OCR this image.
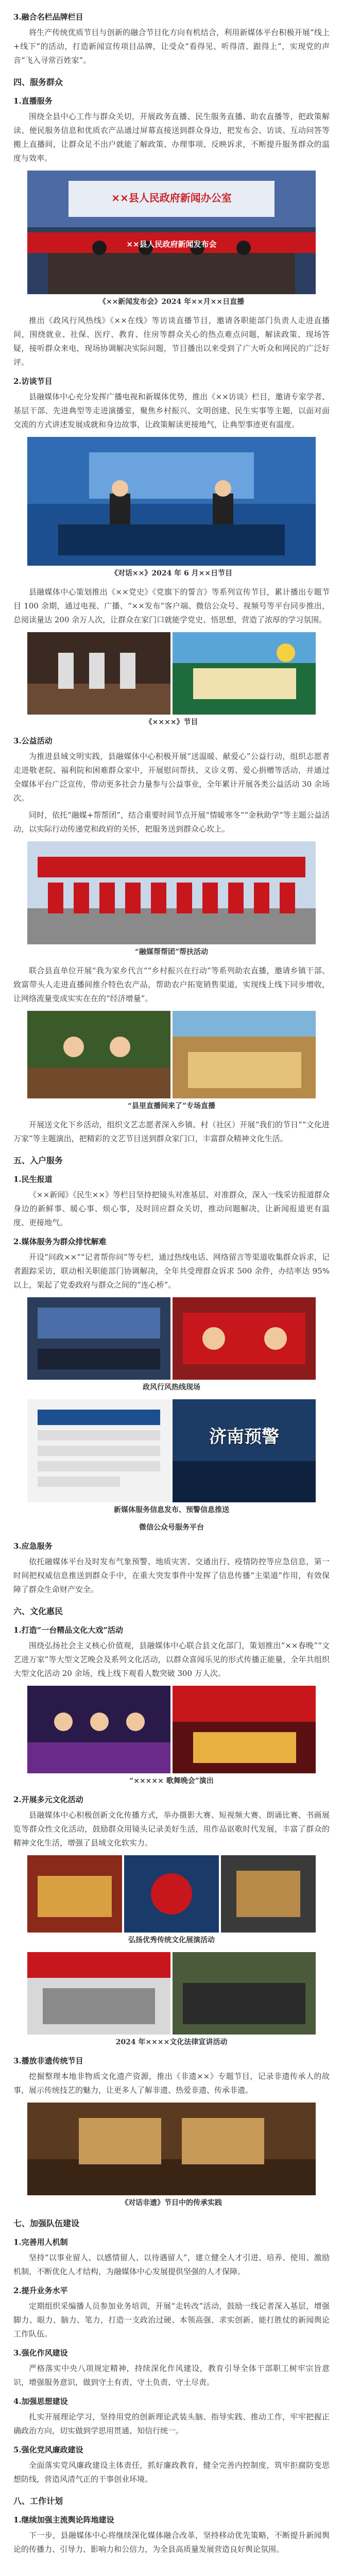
3.融合名栏品牌栏目

将生产传统优质节目与创新的融合节目化方向有机结合，利用新媒体平台积极开展“线上+线下”的活动，打造新闻宣传项目品牌，让受众“看得见、听得清、跟得上”，实现党的声音“飞入寻常百姓家”。

四、服务群众
1.直播服务

围绕全县中心工作与群众关切，开展政务直播、民生服务直播、助农直播等，把政策解读、便民服务信息和优质农产品通过屏幕直接送到群众身边，把发布会、访谈、互动问答等搬上直播间，让群众足不出户就能了解政策、办理事项、反映诉求，不断提升服务群众的温度与效率。

××县人民政府新闻办公室
××县人民政府新闻发布会
《××新闻发布会》2024 年××月××日直播

推出《政风行风热线》《××在线》等访谈直播节目，邀请各职能部门负责人走进直播间，围绕就业、社保、医疗、教育、住房等群众关心的热点难点问题，解读政策、现场答疑，接听群众来电，现场协调解决实际问题，节目播出以来受到了广大听众和网民的广泛好评。

2.访谈节目

县融媒体中心充分发挥广播电视和新媒体优势，推出《××访谈》栏目，邀请专家学者、基层干部、先进典型等走进演播室，聚焦乡村振兴、文明创建、民生实事等主题，以面对面交流的方式讲述发展成就和身边故事，让政策解读更接地气，让典型事迹更有温度。

《对话××》2024 年 6 月××日节目

县融媒体中心策划推出《××党史》《党旗下的誓言》等系列宣传节目，累计播出专题节目 100 余期，通过电视、广播、“××发布”客户端、微信公众号、视频号等平台同步推出，总阅读量达 200 余万人次，让群众在家门口就能学党史、悟思想，营造了浓厚的学习氛围。

《××××》节目
3.公益活动

为推进县域文明实践，县融媒体中心积极开展“送温暖、献爱心”公益行动，组织志愿者走进敬老院、福利院和困难群众家中，开展慰问帮扶、义诊义剪、爱心捐赠等活动，并通过全媒体平台广泛宣传，带动更多社会力量参与公益事业，全年累计开展各类公益活动 30 余场次。

同时，依托“融媒+帮帮团”，结合重要时间节点开展“情暖寒冬”“金秋助学”等主题公益活动，以实际行动传递党和政府的关怀，把服务送到群众心坎上。

“融媒帮帮团”帮扶活动

联合县直单位开展“我为家乡代言”“乡村振兴在行动”等系列助农直播，邀请乡镇干部、致富带头人走进直播间推介特色农产品，帮助农户拓宽销售渠道，实现线上线下同步增收，让网络流量变成实实在在的“经济增量”。

“县里直播间来了”专场直播

开展送文化下乡活动，组织文艺志愿者深入乡镇、村（社区）开展“我们的节日”“文化进万家”等主题演出，把精彩的文艺节目送到群众家门口，丰富群众精神文化生活。

五、入户服务
1.民生报道

《××新闻》《民生××》等栏目坚持把镜头对准基层、对准群众，深入一线采访报道群众身边的新鲜事、暖心事、烦心事，及时回应群众关切，推动问题解决，让新闻报道更有温度、更接地气。

2.媒体服务为群众排忧解难

开设“问政××”“记者帮你问”等专栏，通过热线电话、网络留言等渠道收集群众诉求，记者跟踪采访，联动相关职能部门协调解决，全年共受理群众诉求 500 余件，办结率达 95%以上，架起了党委政府与群众之间的“连心桥”。

政风行风热线现场
济南预警
新媒体服务信息发布、预警信息推送
微信公众号服务平台
3.应急服务

依托融媒体平台及时发布气象预警、地质灾害、交通出行、疫情防控等应急信息，第一时间把权威信息推送到群众手中，在重大突发事件中发挥了信息传播“主渠道”作用，有效保障了群众生命财产安全。

六、文化惠民
1.打造“一台精品文化大戏”活动

围绕弘扬社会主义核心价值观，县融媒体中心联合县文化部门，策划推出“××春晚”“文艺进万家”等大型文艺晚会及系列文化活动，以群众喜闻乐见的形式传播正能量，全年共组织大型文化活动 20 余场，线上线下观看人数突破 300 万人次。

“××××× 歌舞晚会”演出
2.开展多元文化活动

县融媒体中心积极创新文化传播方式，举办摄影大赛、短视频大赛、朗诵比赛、书画展览等群众性文化活动，鼓励群众用镜头记录美好生活，用作品讴歌时代发展，丰富了群众的精神文化生活，增强了县域文化软实力。

弘扬优秀传统文化展演活动
2024 年××××文化法律宣讲活动
3.播放非遗传统节目

挖掘整理本地非物质文化遗产资源，推出《非遗××》专题节目，记录非遗传承人的故事，展示传统技艺的魅力，让更多人了解非遗、热爱非遗、传承非遗。

《对话非遗》节目中的传承实践
七、加强队伍建设
1.完善用人机制

坚持“以事业留人、以感情留人、以待遇留人”，建立健全人才引进、培养、使用、激励机制，不断优化人才结构，为融媒体中心发展提供坚强的人才保障。

2.提升业务水平

定期组织采编播人员参加业务培训，开展“走转改”活动，鼓励一线记者深入基层，增强脚力、眼力、脑力、笔力，打造一支政治过硬、本领高强、求实创新、能打胜仗的新闻舆论工作队伍。

3.强化作风建设

严格落实中央八项规定精神，持续深化作风建设，教育引导全体干部职工树牢宗旨意识，增强服务意识，做到守土有责、守土负责、守土尽责。

4.加强思想建设

扎实开展理论学习，坚持用党的创新理论武装头脑、指导实践、推动工作，牢牢把握正确政治方向，切实做到学思用贯通、知信行统一。

5.强化党风廉政建设

全面落实党风廉政建设主体责任，抓好廉政教育，健全完善内控制度，筑牢拒腐防变思想防线，营造风清气正的干事创业环境。

八、工作计划
1.继续加强主流舆论阵地建设

下一步，县融媒体中心将继续深化媒体融合改革，坚持移动优先策略，不断提升新闻舆论的传播力、引导力、影响力和公信力，为全县高质量发展营造良好舆论氛围。
